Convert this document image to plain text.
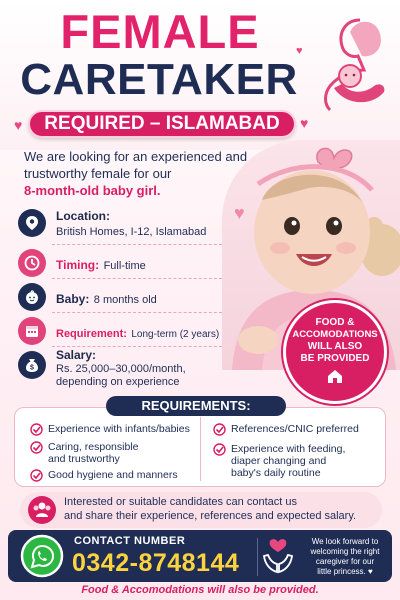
FEMALE
CARETAKER
♥	♥
♥
REQUIRED – ISLAMABAD
We are looking for an experienced and
trustworthy female for our
8-month-old baby girl.
♥
Location:
British Homes, I-12, Islamabad
Timing: Full-time
Baby: 8 months old
Requirement: Long-term (2 years)
$
Salary:
Rs. 25,000–30,000/month,
depending on experience
FOOD &
ACCOMODATIONS
WILL ALSO
BE PROVIDED
REQUIREMENTS:
Experience with infants/babies
Caring, responsible
and trustworthy
Good hygiene and manners
References/CNIC preferred
Experience with feeding,
diaper changing and
baby's daily routine
Interested or suitable candidates can contact us
and share their experience, references and expected salary.
CONTACT NUMBER
0342-8748144
We look forward to
welcoming the right
caregiver for our
little princess. ♥
Food & Accomodations will also be provided.
